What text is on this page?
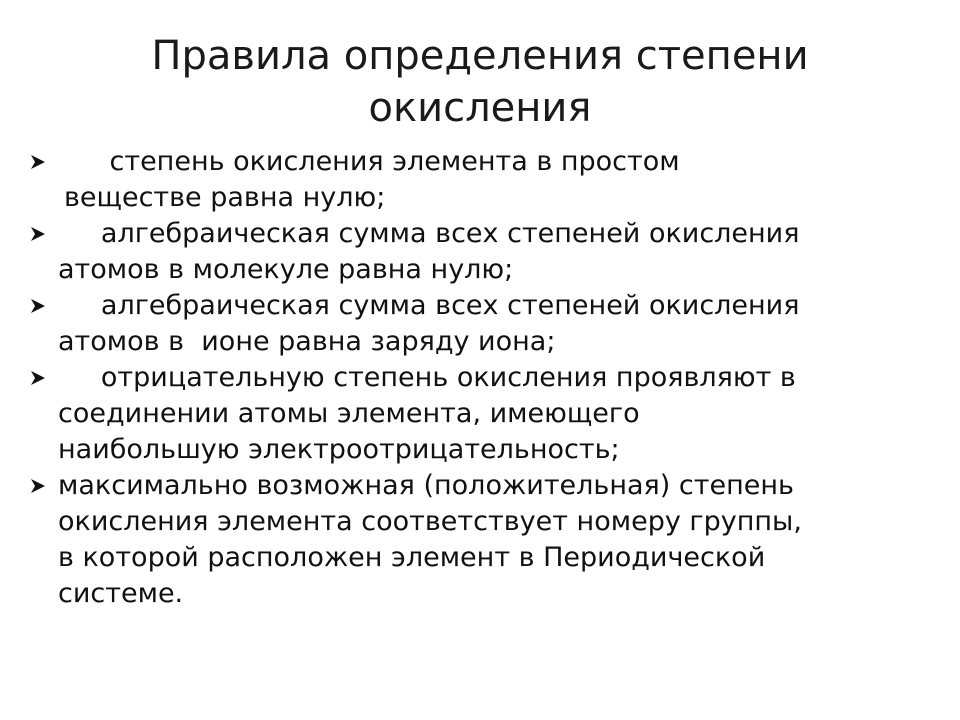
Правила определения степени
окисления
степень окисления элемента в простом
веществе равна нулю;
алгебраическая сумма всех степеней окисления
атомов в молекуле равна нулю;
алгебраическая сумма всех степеней окисления
атомов в  ионе равна заряду иона;
отрицательную степень окисления проявляют в
соединении атомы элемента, имеющего
наибольшую электроотрицательность;
максимально возможная (положительная) степень
окисления элемента соответствует номеру группы,
в которой расположен элемент в Периодической
системе.
